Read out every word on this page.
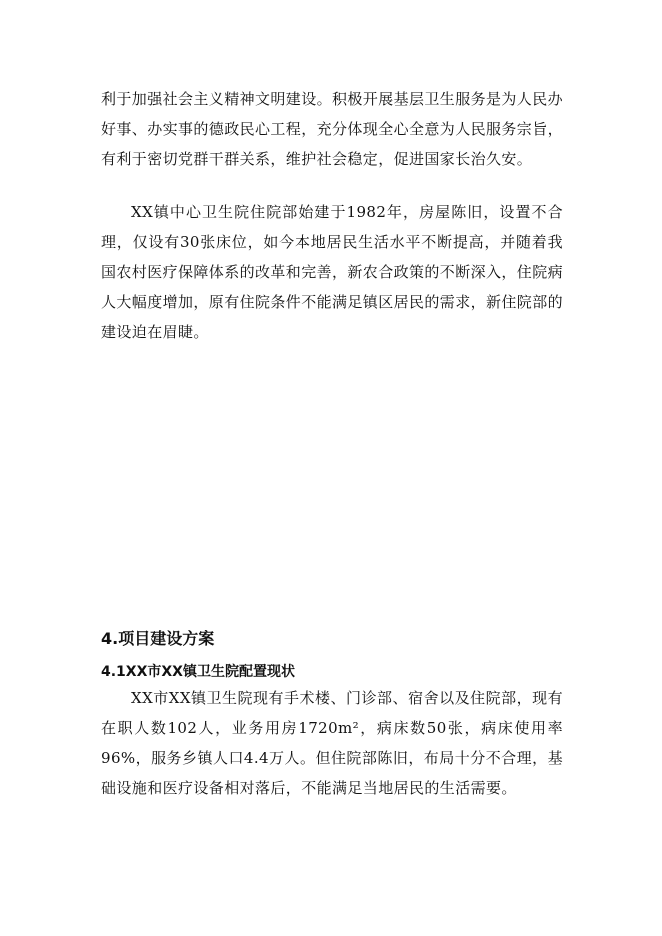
利于加强社会主义精神文明建设。积极开展基层卫生服务是为人民办好事、办实事的德政民心工程，充分体现全心全意为人民服务宗旨，有利于密切党群干群关系，维护社会稳定，促进国家长治久安。

XX镇中心卫生院住院部始建于1982年，房屋陈旧，设置不合理，仅设有30张床位，如今本地居民生活水平不断提高，并随着我国农村医疗保障体系的改革和完善，新农合政策的不断深入，住院病人大幅度增加，原有住院条件不能满足镇区居民的需求，新住院部的建设迫在眉睫。

4.项目建设方案
4.1XX市XX镇卫生院配置现状

XX市XX镇卫生院现有手术楼、门诊部、宿舍以及住院部，现有在职人数102人，业务用房1720m²，病床数50张，病床使用率96%，服务乡镇人口4.4万人。但住院部陈旧，布局十分不合理，基础设施和医疗设备相对落后，不能满足当地居民的生活需要。
